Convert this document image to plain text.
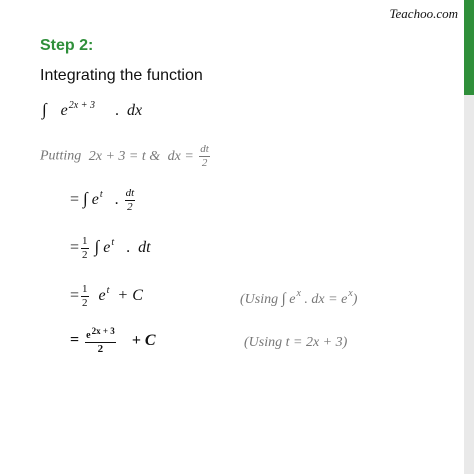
Teachoo.com
Step 2:
Integrating the function
∫ $e^{2x + 3}$ . dx
Putting 2x + 3 = t & dx = $\frac{dt}{2}$
= ∫ $e^t$ . $\frac{dt}{2}$
= $\frac{1}{2}$ ∫ $e^t$ . dt
= $\frac{1}{2} e^t + C$	(Using ∫ $e^x$ . dx = $e^x$)
= $\frac{e2x + 3}{2} + C$	(Using t = 2x + 3)
